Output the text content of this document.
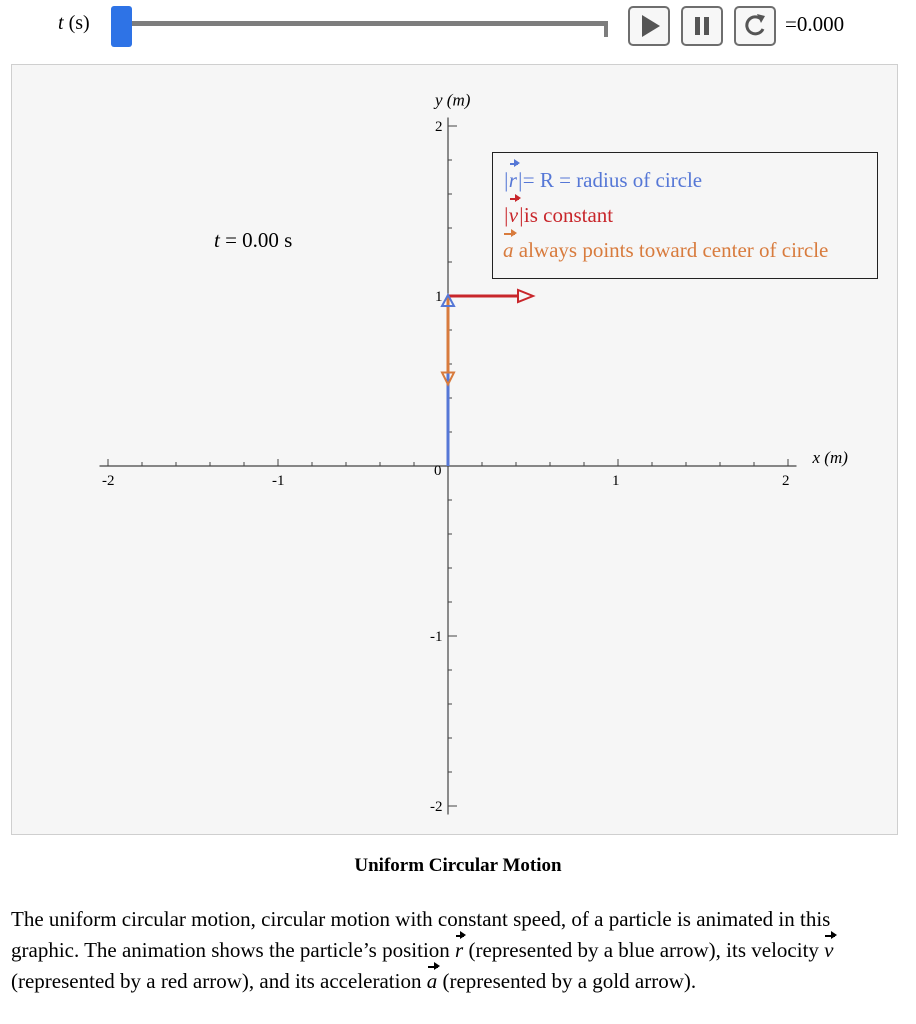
t (s)	=0.000
-2	-1
0
1	2
2
1
-1
-2
x (m)
y (m)
t = 0.00 s
|r|= R = radius of circle
|v|is constant
a always points toward center of circle
Uniform Circular Motion
The uniform circular motion, circular motion with constant speed, of a particle is animated in this graphic. The animation shows the particle’s position r (represented by a blue arrow), its velocity v (represented by a red arrow), and its acceleration a (represented by a gold arrow).
